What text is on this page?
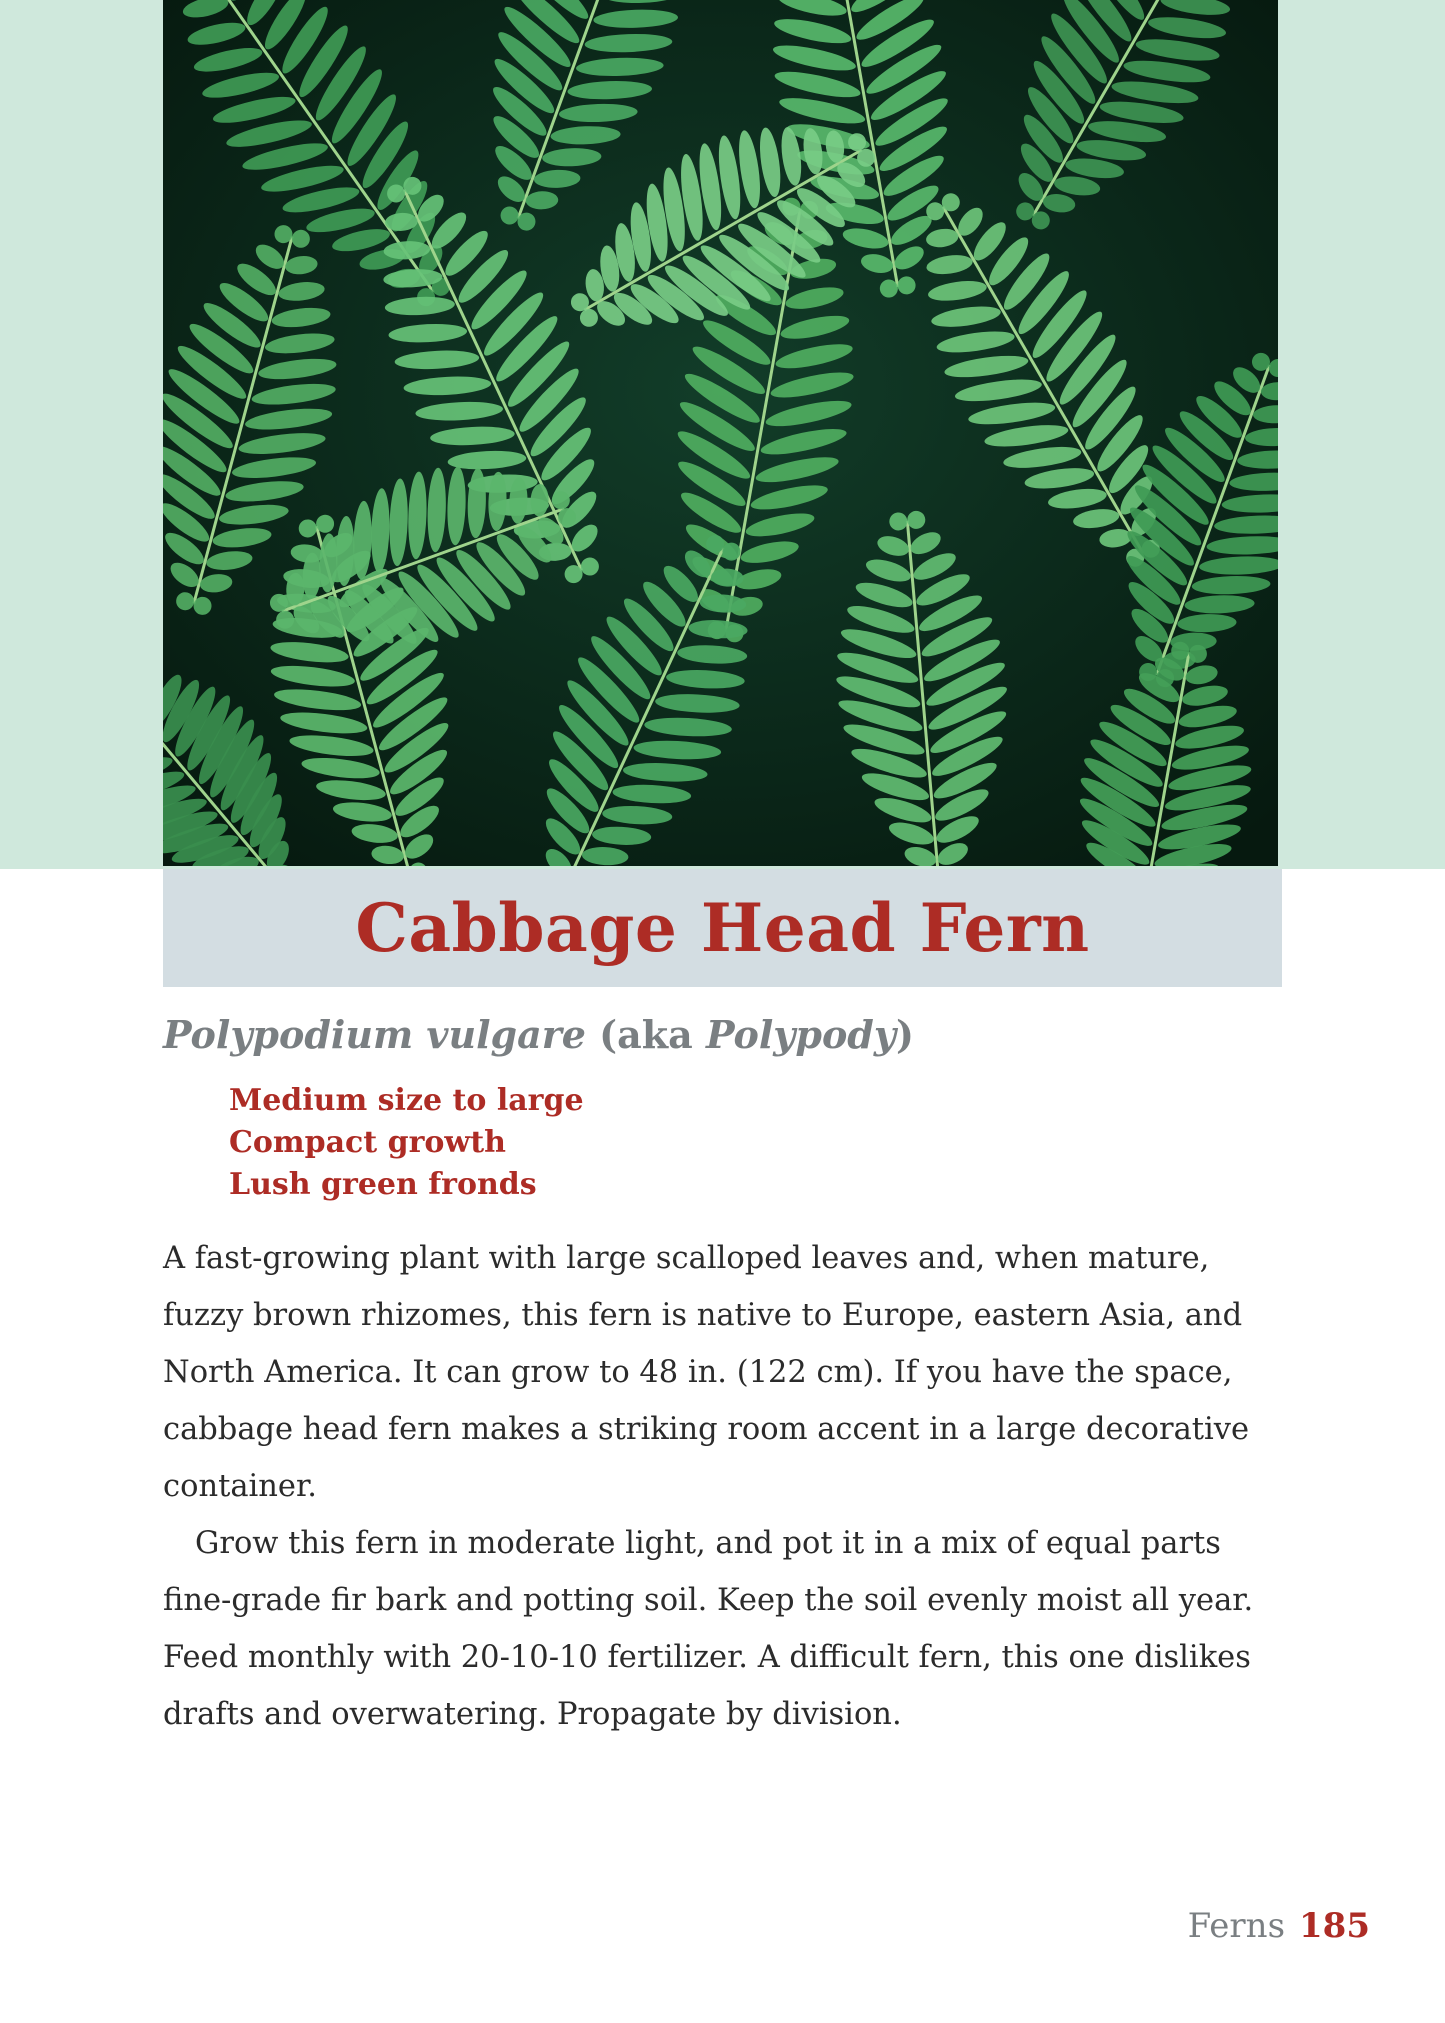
Cabbage Head Fern

Polypodium vulgare (aka Polypody)

Medium size to large
Compact growth
Lush green fronds

A fast-growing plant with large scalloped leaves and, when mature, fuzzy brown rhizomes, this fern is native to Europe, eastern Asia, and North America. It can grow to 48 in. (122 cm). If you have the space, cabbage head fern makes a striking room accent in a large decorative container.

Grow this fern in moderate light, and pot it in a mix of equal parts fine-grade fir bark and potting soil. Keep the soil evenly moist all year. Feed monthly with 20-10-10 fertilizer. A difficult fern, this one dislikes drafts and overwatering. Propagate by division.

Ferns 185
